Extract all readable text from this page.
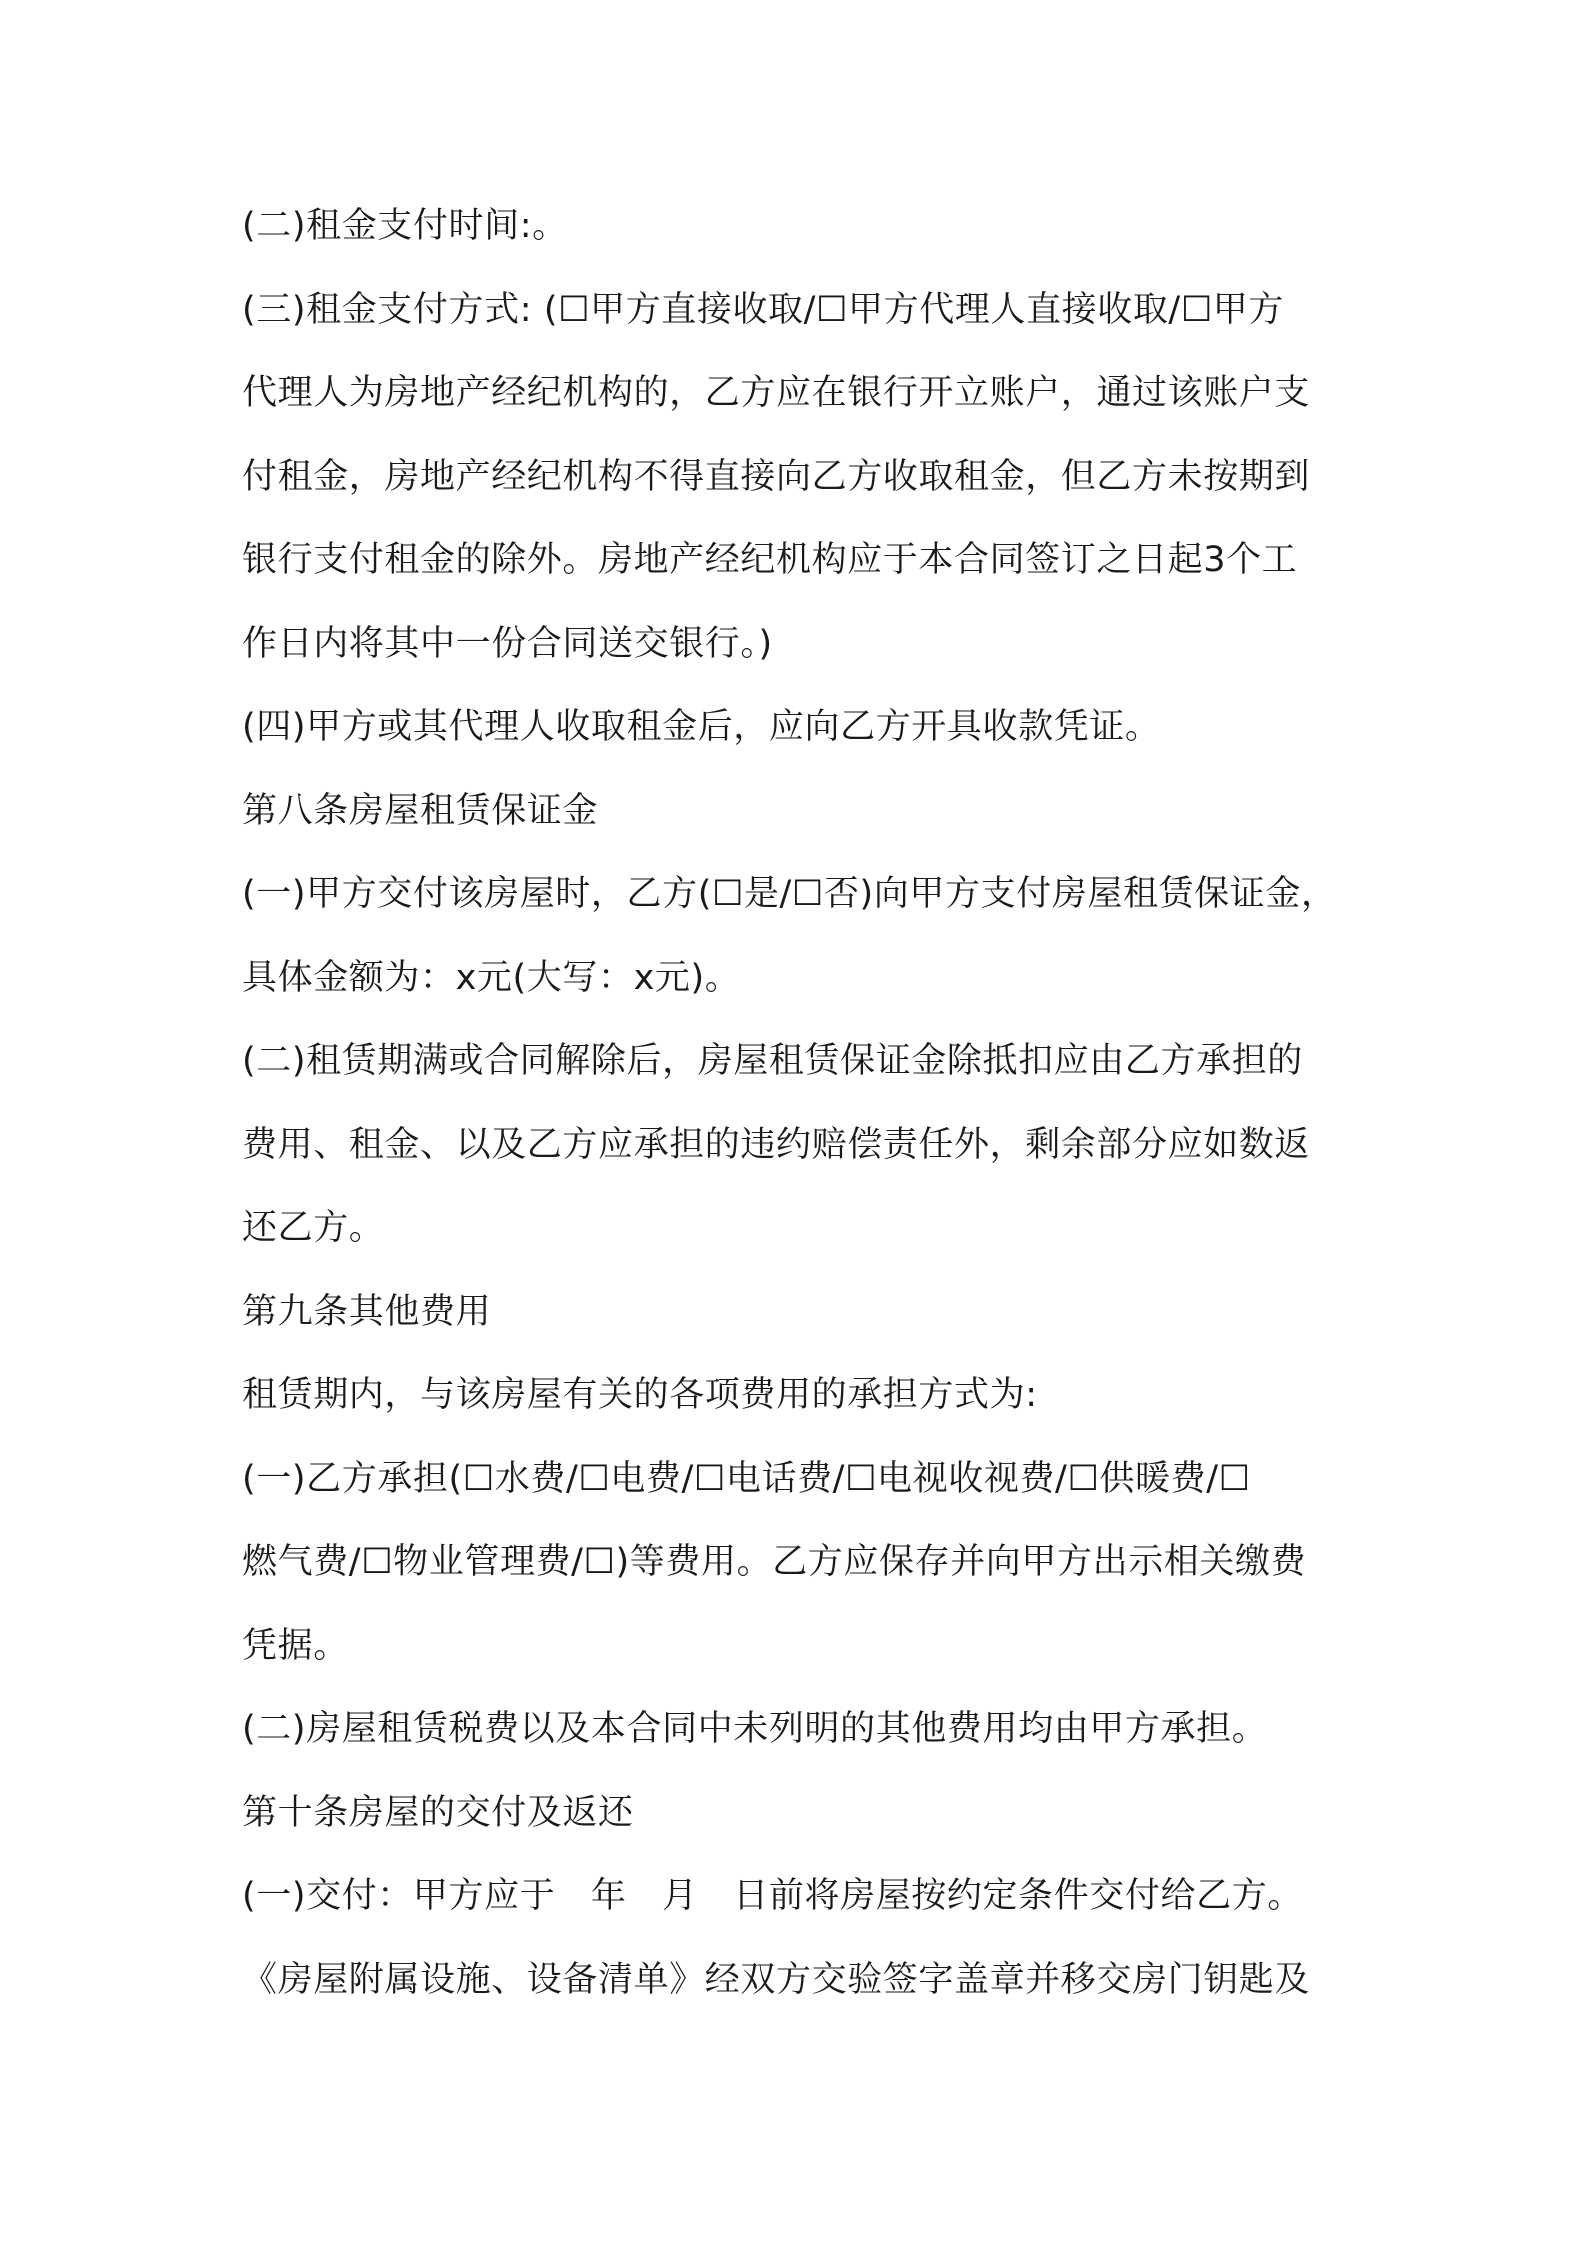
(二)租金支付时间:。
(三)租金支付方式: (☐甲方直接收取/☐甲方代理人直接收取/☐甲方
代理人为房地产经纪机构的，乙方应在银行开立账户，通过该账户支
付租金，房地产经纪机构不得直接向乙方收取租金，但乙方未按期到
银行支付租金的除外。房地产经纪机构应于本合同签订之日起3个工
作日内将其中一份合同送交银行。)
(四)甲方或其代理人收取租金后，应向乙方开具收款凭证。
第八条房屋租赁保证金
(一)甲方交付该房屋时，乙方(☐是/☐否)向甲方支付房屋租赁保证金，
具体金额为：x元(大写：x元)。
(二)租赁期满或合同解除后，房屋租赁保证金除抵扣应由乙方承担的
费用、租金、以及乙方应承担的违约赔偿责任外，剩余部分应如数返
还乙方。
第九条其他费用
租赁期内，与该房屋有关的各项费用的承担方式为:
(一)乙方承担(☐水费/☐电费/☐电话费/☐电视收视费/☐供暖费/☐
燃气费/☐物业管理费/☐)等费用。乙方应保存并向甲方出示相关缴费
凭据。
(二)房屋租赁税费以及本合同中未列明的其他费用均由甲方承担。
第十条房屋的交付及返还
(一)交付：甲方应于　年　月　日前将房屋按约定条件交付给乙方。
《房屋附属设施、设备清单》经双方交验签字盖章并移交房门钥匙及
